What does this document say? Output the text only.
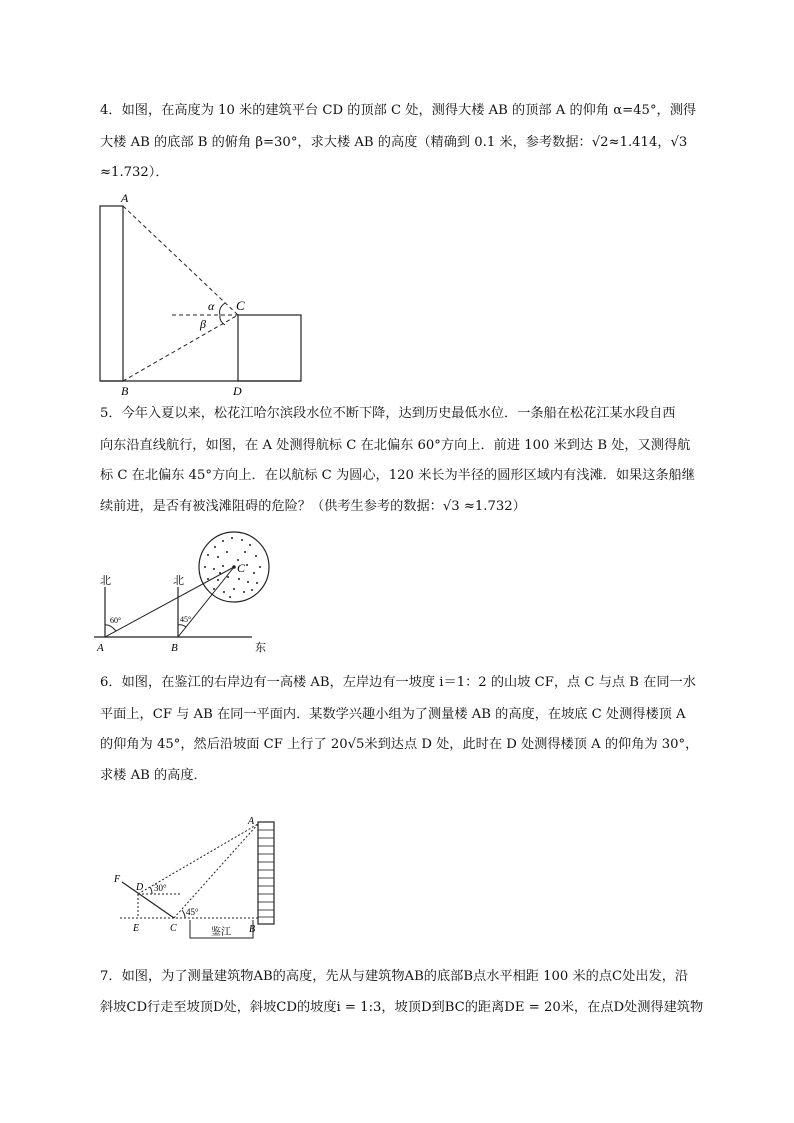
4．如图，在高度为 10 米的建筑平台 CD 的顶部 C 处，测得大楼 AB 的顶部 A 的仰角 α=45°，测得
大楼 AB 的底部 B 的俯角 β=30°，求大楼 AB 的高度（精确到 0.1 米，参考数据：√2≈1.414，√3
≈1.732）．
A
B
C
D
α
β
5．今年入夏以来，松花江哈尔滨段水位不断下降，达到历史最低水位．一条船在松花江某水段自西
向东沿直线航行，如图，在 A 处测得航标 C 在北偏东 60°方向上．前进 100 米到达 B 处，又测得航
标 C 在北偏东 45°方向上．在以航标 C 为圆心，120 米长为半径的圆形区域内有浅滩．如果这条船继
续前进，是否有被浅滩阻碍的危险？（供考生参考的数据：√3 ≈1.732）
北	北
东
A	B
C
60°	45°
6．如图，在鉴江的右岸边有一高楼 AB，左岸边有一坡度 i＝1：2 的山坡 CF，点 C 与点 B 在同一水
平面上，CF 与 AB 在同一平面内．某数学兴趣小组为了测量楼 AB 的高度，在坡底 C 处测得楼顶 A
的仰角为 45°，然后沿坡面 CF 上行了 20√5米到达点 D 处，此时在 D 处测得楼顶 A 的仰角为 30°，
求楼 AB 的高度．
A
B
C
D
E
F
30°
45°
鉴江
7．如图，为了测量建筑物AB的高度，先从与建筑物AB的底部B点水平相距 100 米的点C处出发，沿
斜坡CD行走至坡顶D处，斜坡CD的坡度i = 1:3，坡顶D到BC的距离DE = 20米，在点D处测得建筑物
